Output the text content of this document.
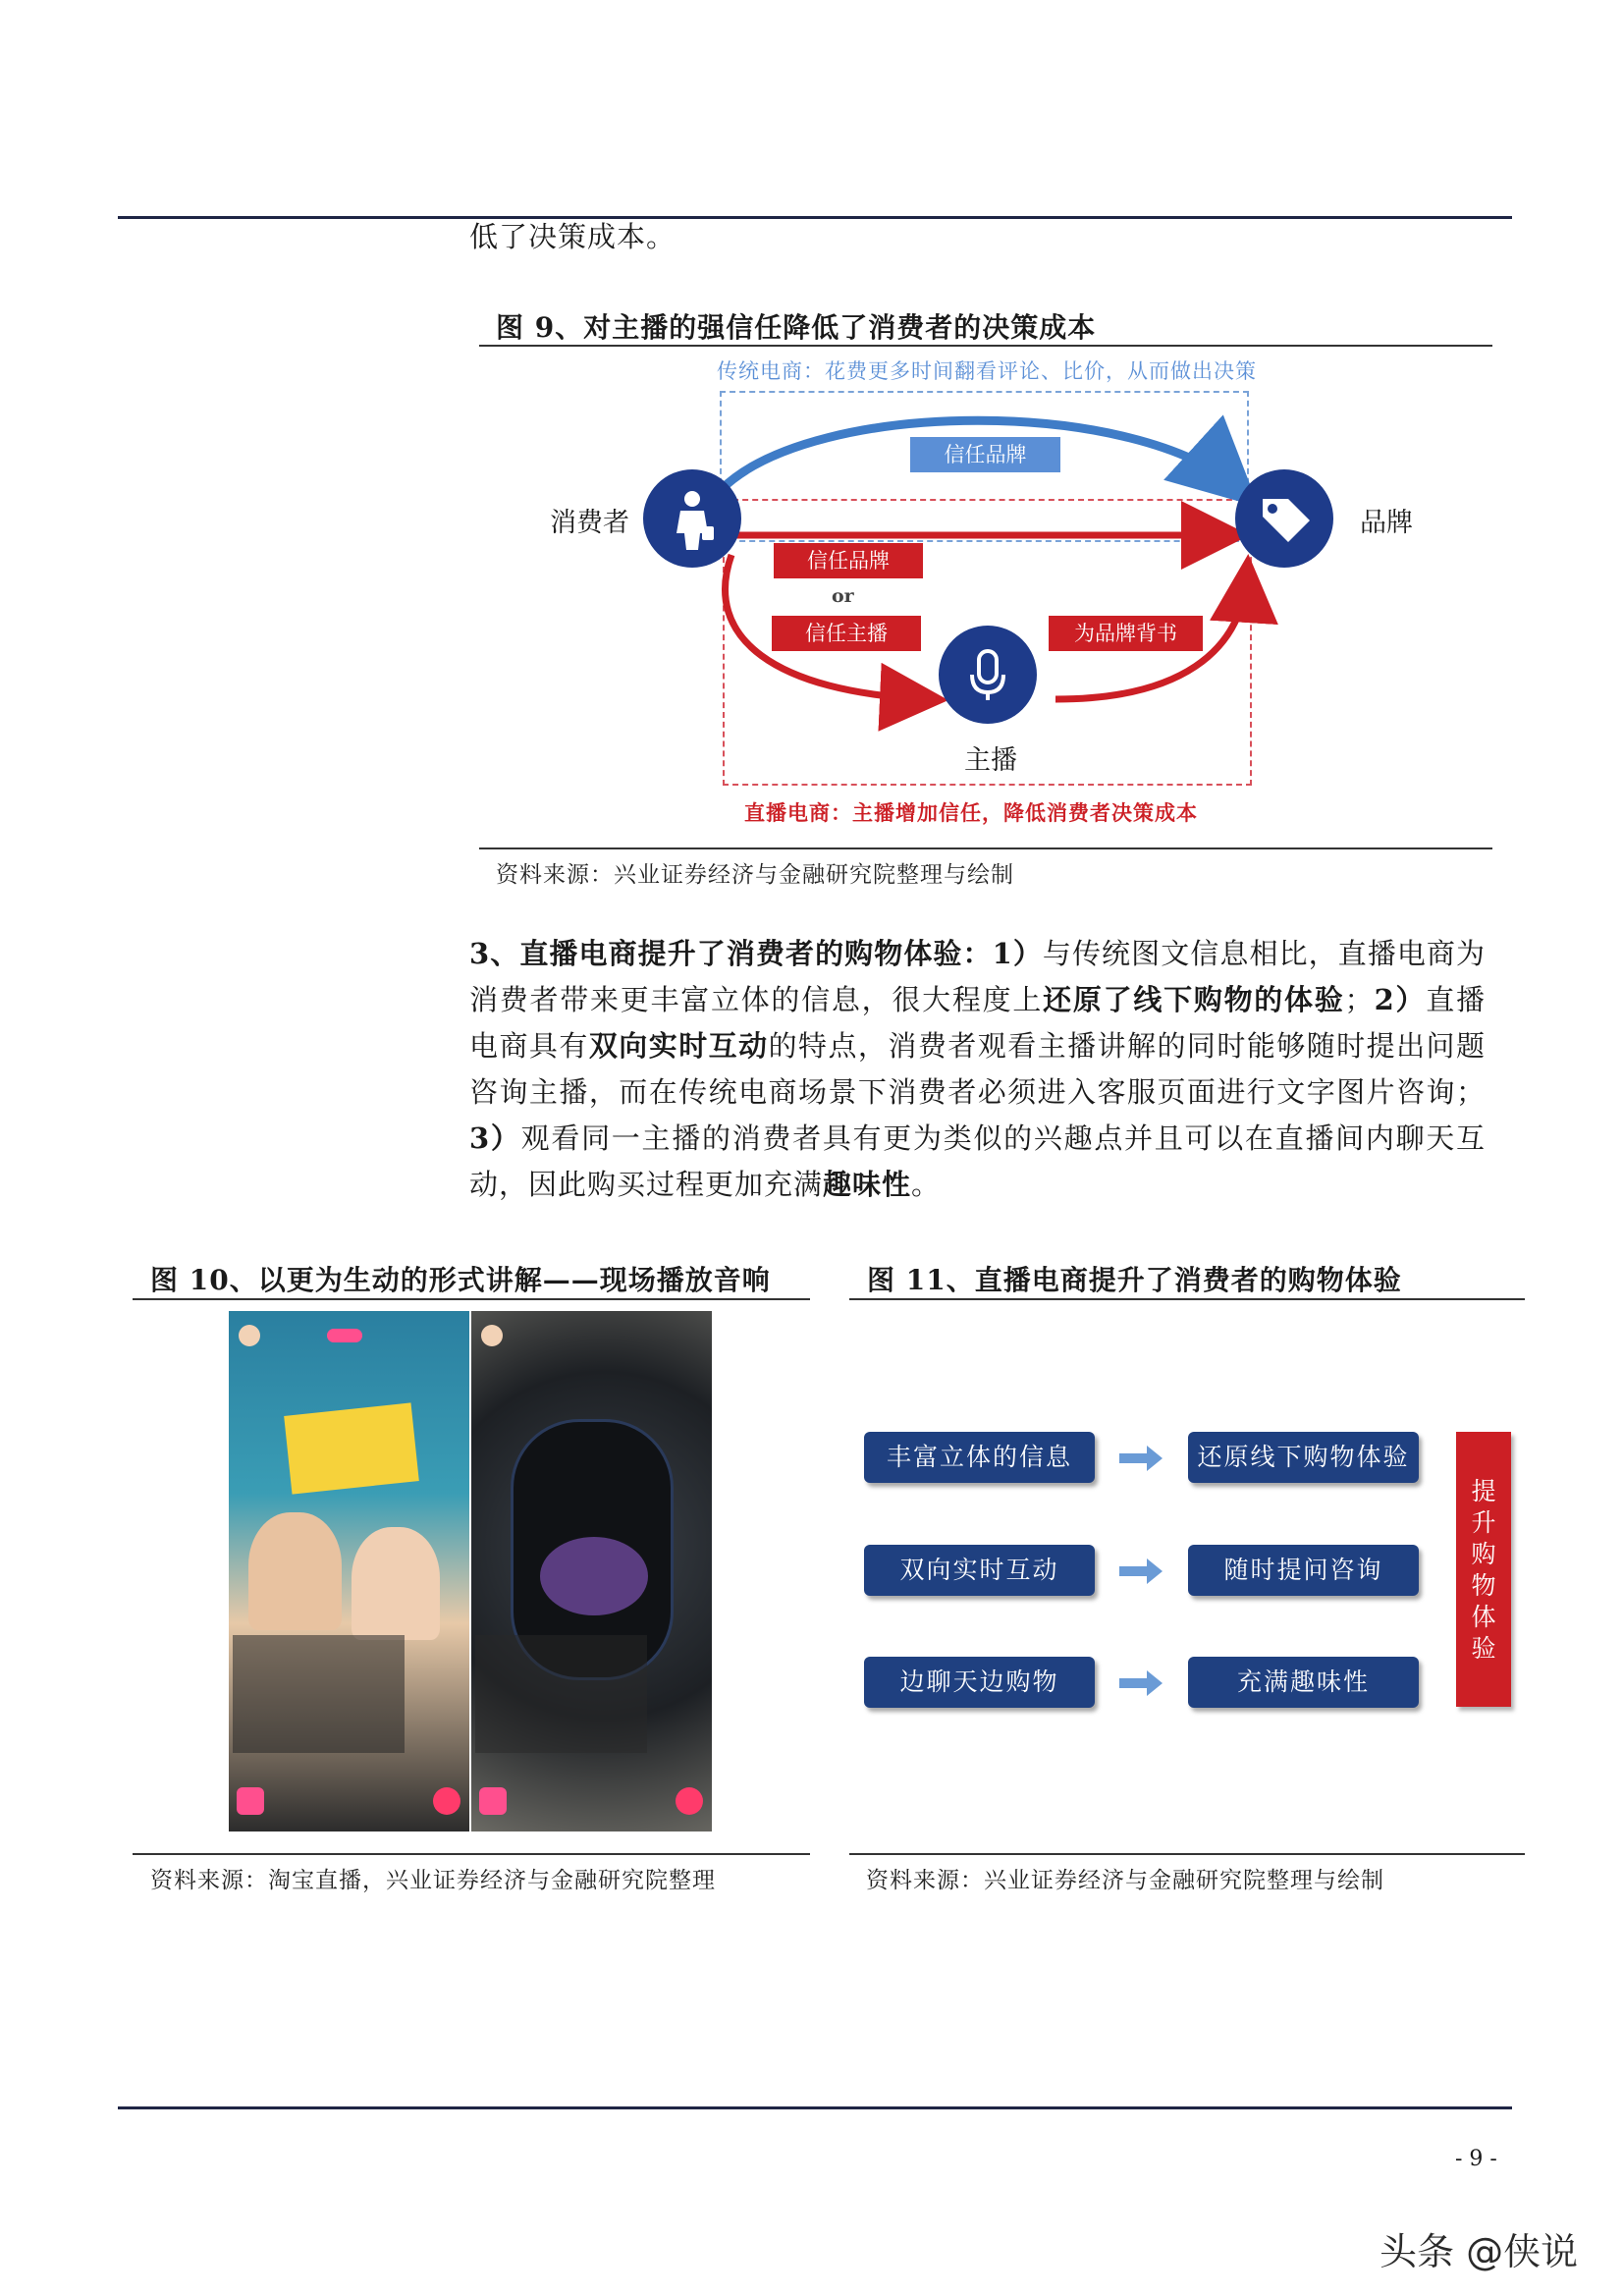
低了决策成本。
图 9、对主播的强信任降低了消费者的决策成本
传统电商：花费更多时间翻看评论、比价，从而做出决策
消费者	品牌
信任品牌
信任品牌
or
信任主播	为品牌背书
主播
直播电商：主播增加信任，降低消费者决策成本
资料来源：兴业证券经济与金融研究院整理与绘制
3、直播电商提升了消费者的购物体验：1）与传统图文信息相比，直播电商为消费者带来更丰富立体的信息，很大程度上还原了线下购物的体验；2）直播电商具有双向实时互动的特点，消费者观看主播讲解的同时能够随时提出问题咨询主播，而在传统电商场景下消费者必须进入客服页面进行文字图片咨询；3）观看同一主播的消费者具有更为类似的兴趣点并且可以在直播间内聊天互动，因此购买过程更加充满趣味性。
图 10、以更为生动的形式讲解——现场播放音响
资料来源：淘宝直播，兴业证券经济与金融研究院整理
图 11、直播电商提升了消费者的购物体验
丰富立体的信息
双向实时互动
边聊天边购物
还原线下购物体验
随时提问咨询
充满趣味性
提升购物体验
资料来源：兴业证券经济与金融研究院整理与绘制
- 9 -
头条 @侠说
